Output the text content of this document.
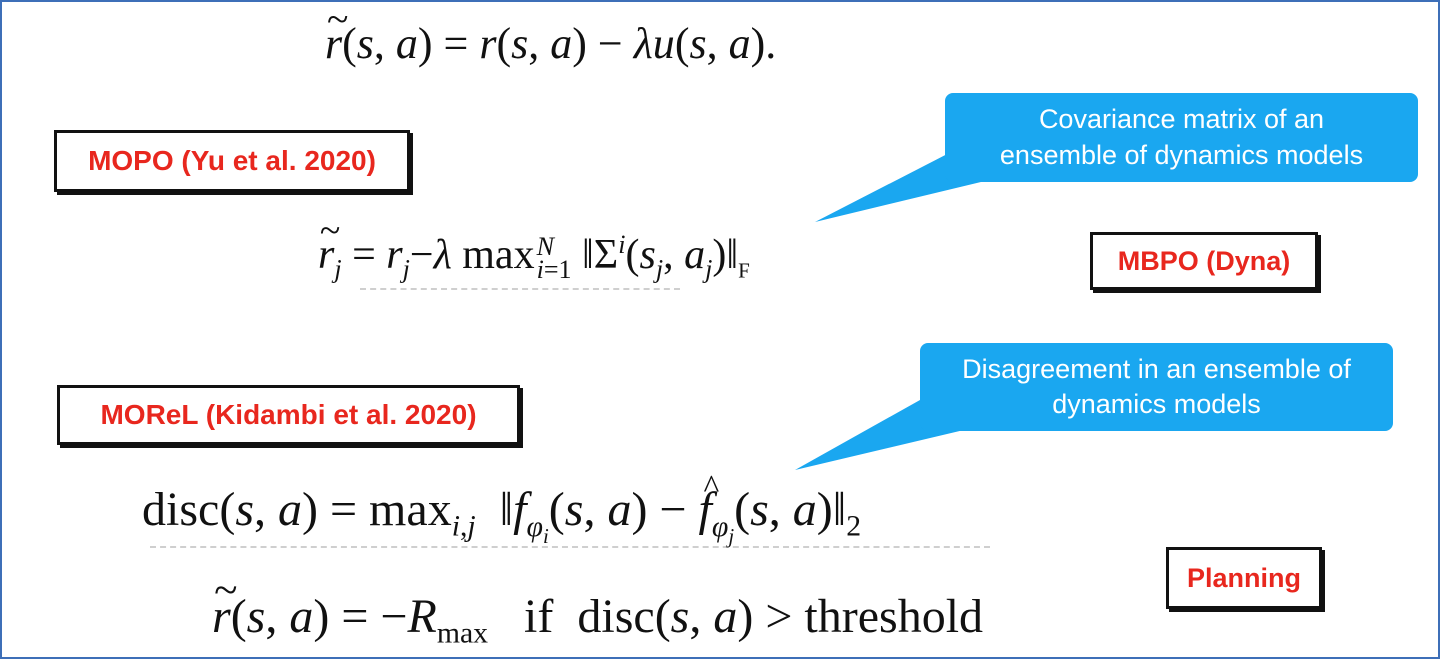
~ r(s, a) = r(s, a) − λu(s, a).
MOPO (Yu et al. 2020)
Covariance matrix of an
ensemble of dynamics models
~ $r_j = r_j-\lambda$ max N
i=1 $‖\Sigma^i(s_j$, $a_j)‖_F$	MBPO (Dyna)
Disagreement in an ensemble of
dynamics models
MOReL (Kidambi et al. 2020)
disc(s, $a) = \max_{i,j}$  $‖f_{\varphi_i}(s$, a) − ^ $f_{\varphi_j}(s$, $a)‖_2$
Planning
~ r(s, $a) = -R_{max}$   if  disc(s, a) > threshold
